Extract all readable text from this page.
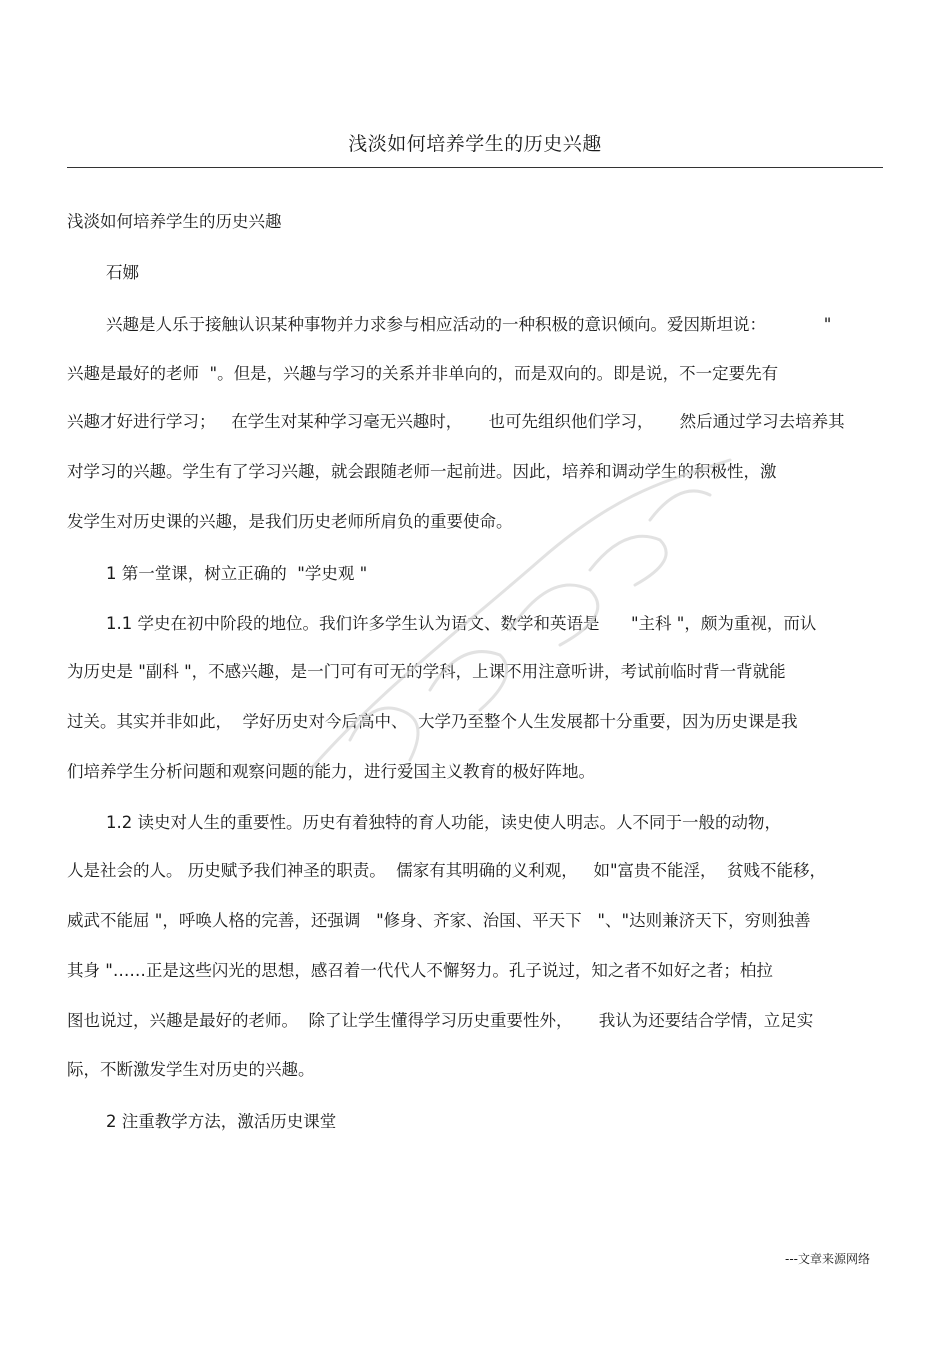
浅淡如何培养学生的历史兴趣
浅淡如何培养学生的历史兴趣
石娜
兴趣是人乐于接触认识某种事物并力求参与相应活动的一种积极的意识倾向。爱因斯坦说：           "
兴趣是最好的老师  "。但是，兴趣与学习的关系并非单向的，而是双向的。即是说，不一定要先有
兴趣才好进行学习；   在学生对某种学习毫无兴趣时，     也可先组织他们学习，     然后通过学习去培养其
对学习的兴趣。学生有了学习兴趣，就会跟随老师一起前进。因此，培养和调动学生的积极性，激
发学生对历史课的兴趣，是我们历史老师所肩负的重要使命。
1 第一堂课，树立正确的  "学史观 "
1.1 学史在初中阶段的地位。我们许多学生认为语文、数学和英语是      "主科 "，颇为重视，而认
为历史是 "副科 "，不感兴趣，是一门可有可无的学科，上课不用注意听讲，考试前临时背一背就能
过关。其实并非如此，  学好历史对今后高中、  大学乃至整个人生发展都十分重要，因为历史课是我
们培养学生分析问题和观察问题的能力，进行爱国主义教育的极好阵地。
1.2 读史对人生的重要性。历史有着独特的育人功能，读史使人明志。人不同于一般的动物，
人是社会的人。 历史赋予我们神圣的职责。  儒家有其明确的义利观，   如"富贵不能淫，  贫贱不能移，
威武不能屈 "，呼唤人格的完善，还强调   "修身、齐家、治国、平天下   "、"达则兼济天下，穷则独善
其身 "……正是这些闪光的思想，感召着一代代人不懈努力。孔子说过，知之者不如好之者；柏拉
图也说过，兴趣是最好的老师。  除了让学生懂得学习历史重要性外，     我认为还要结合学情，立足实
际，不断激发学生对历史的兴趣。
2 注重教学方法，激活历史课堂
---文章来源网络
